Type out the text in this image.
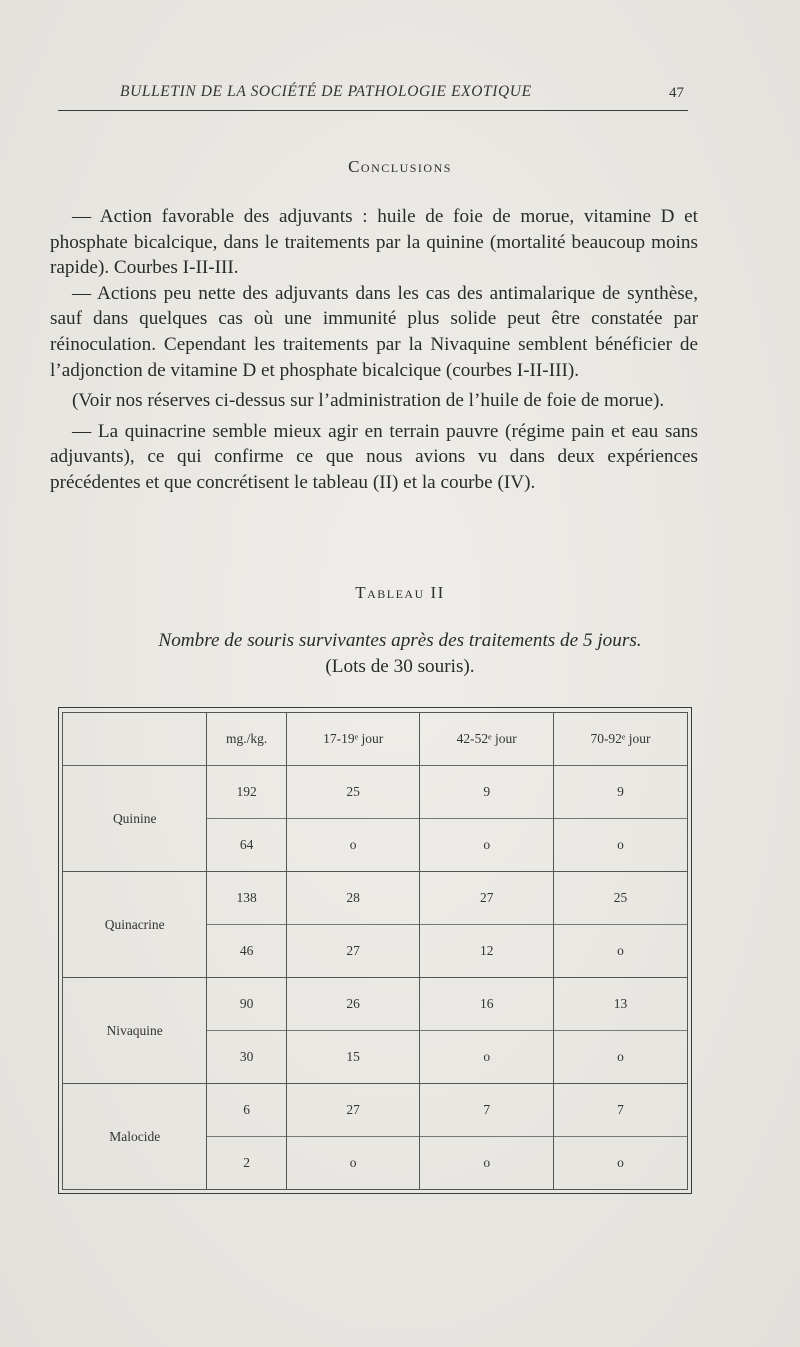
BULLETIN DE LA SOCIÉTÉ DE PATHOLOGIE EXOTIQUE	47
Conclusions

— Action favorable des adjuvants : huile de foie de morue, vitamine D et phosphate bicalcique, dans le traitements par la quinine (mortalité beaucoup moins rapide). Courbes I-II-III.

— Actions peu nette des adjuvants dans les cas des antimalarique de synthèse, sauf dans quelques cas où une immunité plus solide peut être constatée par réinoculation. Cependant les traitements par la Nivaquine semblent bénéficier de l’adjonction de vitamine D et phosphate bicalcique (courbes I-II-III).

(Voir nos réserves ci-dessus sur l’administration de l’huile de foie de morue).

— La quinacrine semble mieux agir en terrain pauvre (régime pain et eau sans adjuvants), ce qui confirme ce que nous avions vu dans deux expériences précédentes et que concrétisent le tableau (II) et la courbe (IV).

Tableau II
Nombre de souris survivantes après des traitements de 5 jours.
(Lots de 30 souris).
	mg./kg.	17-19ᵉ jour	42-52ᵉ jour	70-92ᵉ jour
Quinine	192	25	9	9
	64	o	o	o
Quinacrine	138	28	27	25
	46	27	12	o
Nivaquine	90	26	16	13
	30	15	o	o
Malocide	6	27	7	7
	2	o	o	o
